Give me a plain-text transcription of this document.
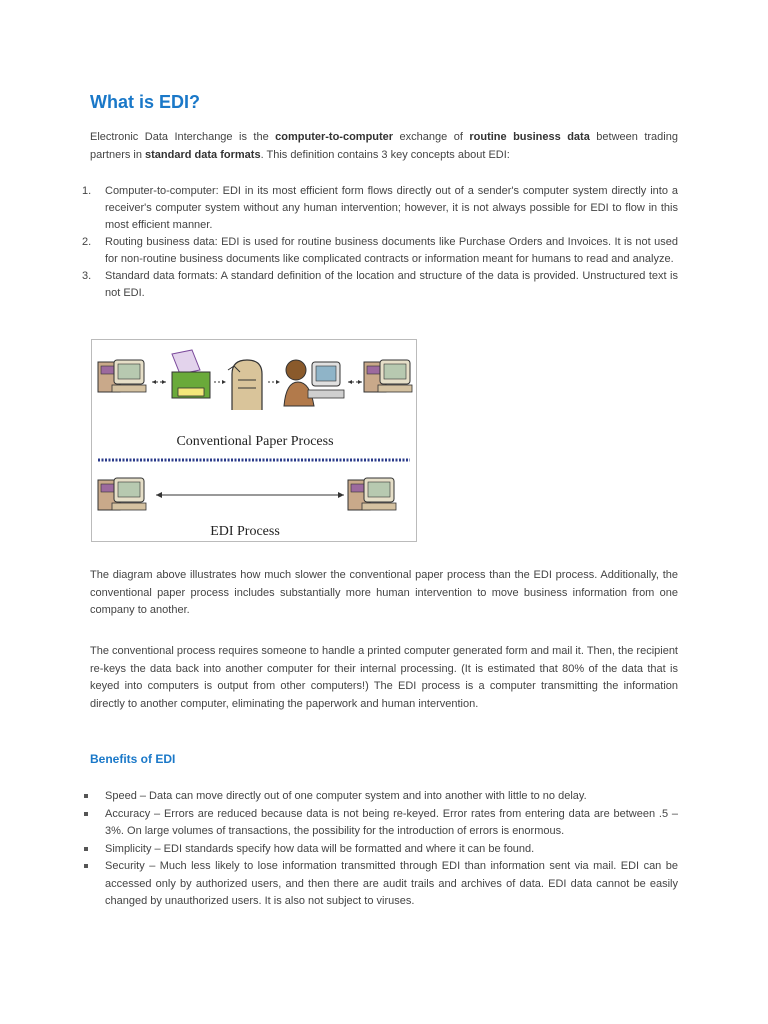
What is EDI?

Electronic Data Interchange is the computer-to-computer exchange of routine business data between trading partners in standard data formats. This definition contains 3 key concepts about EDI:

1. Computer-to-computer: EDI in its most efficient form flows directly out of a sender's computer system directly into a receiver's computer system without any human intervention; however, it is not always possible for EDI to flow in this most efficient manner.
2. Routing business data: EDI is used for routine business documents like Purchase Orders and Invoices. It is not used for non-routine business documents like complicated contracts or information meant for humans to read and analyze.
3. Standard data formats: A standard definition of the location and structure of the data is provided. Unstructured text is not EDI.
Conventional Paper Process
EDI Process

The diagram above illustrates how much slower the conventional paper process than the EDI process. Additionally, the conventional paper process includes substantially more human intervention to move business information from one company to another.

The conventional process requires someone to handle a printed computer generated form and mail it. Then, the recipient re-keys the data back into another computer for their internal processing. (It is estimated that 80% of the data that is keyed into computers is output from other computers!) The EDI process is a computer transmitting the information directly to another computer, eliminating the paperwork and human intervention.

Benefits of EDI
Speed – Data can move directly out of one computer system and into another with little to no delay.
Accuracy – Errors are reduced because data is not being re-keyed. Error rates from entering data are between .5 – 3%. On large volumes of transactions, the possibility for the introduction of errors is enormous.
Simplicity – EDI standards specify how data will be formatted and where it can be found.
Security – Much less likely to lose information transmitted through EDI than information sent via mail. EDI can be accessed only by authorized users, and then there are audit trails and archives of data. EDI data cannot be easily changed by unauthorized users. It is also not subject to viruses.
